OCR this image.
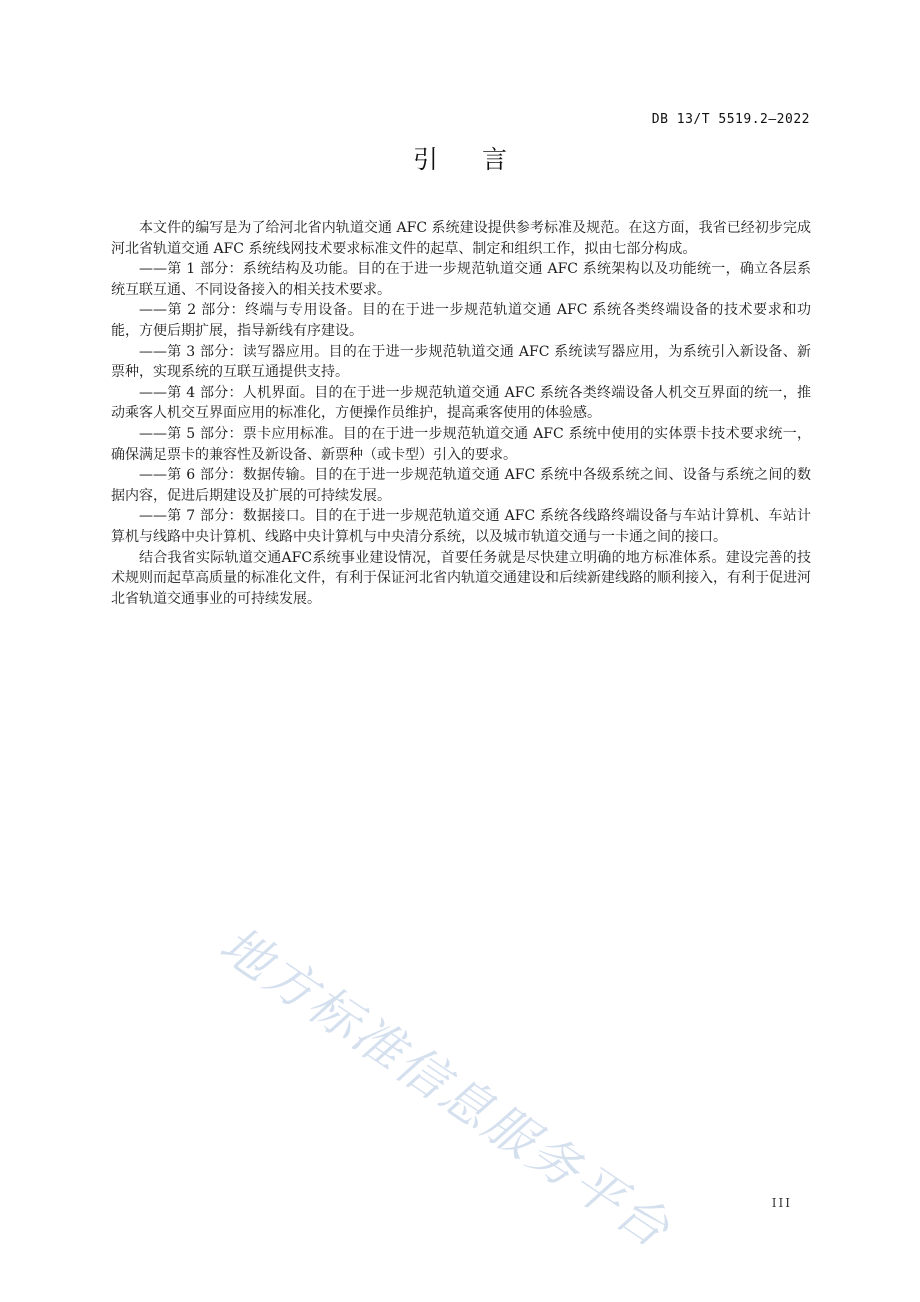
DB 13/T 5519.2—2022
引言

本文件的编写是为了给河北省内轨道交通 AFC 系统建设提供参考标准及规范。在这方面，我省已经初步完成河北省轨道交通 AFC 系统线网技术要求标准文件的起草、制定和组织工作，拟由七部分构成。

——第 1 部分：系统结构及功能。目的在于进一步规范轨道交通 AFC 系统架构以及功能统一，确立各层系统互联互通、不同设备接入的相关技术要求。

——第 2 部分：终端与专用设备。目的在于进一步规范轨道交通 AFC 系统各类终端设备的技术要求和功能，方便后期扩展，指导新线有序建设。

——第 3 部分：读写器应用。目的在于进一步规范轨道交通 AFC 系统读写器应用，为系统引入新设备、新票种，实现系统的互联互通提供支持。

——第 4 部分：人机界面。目的在于进一步规范轨道交通 AFC 系统各类终端设备人机交互界面的统一，推动乘客人机交互界面应用的标准化，方便操作员维护，提高乘客使用的体验感。

——第 5 部分：票卡应用标准。目的在于进一步规范轨道交通 AFC 系统中使用的实体票卡技术要求统一，确保满足票卡的兼容性及新设备、新票种（或卡型）引入的要求。

——第 6 部分：数据传输。目的在于进一步规范轨道交通 AFC 系统中各级系统之间、设备与系统之间的数据内容，促进后期建设及扩展的可持续发展。

——第 7 部分：数据接口。目的在于进一步规范轨道交通 AFC 系统各线路终端设备与车站计算机、车站计算机与线路中央计算机、线路中央计算机与中央清分系统，以及城市轨道交通与一卡通之间的接口。

结合我省实际轨道交通AFC系统事业建设情况，首要任务就是尽快建立明确的地方标准体系。建设完善的技术规则而起草高质量的标准化文件，有利于保证河北省内轨道交通建设和后续新建线路的顺利接入，有利于促进河北省轨道交通事业的可持续发展。

地方标准信息服务平台	III
